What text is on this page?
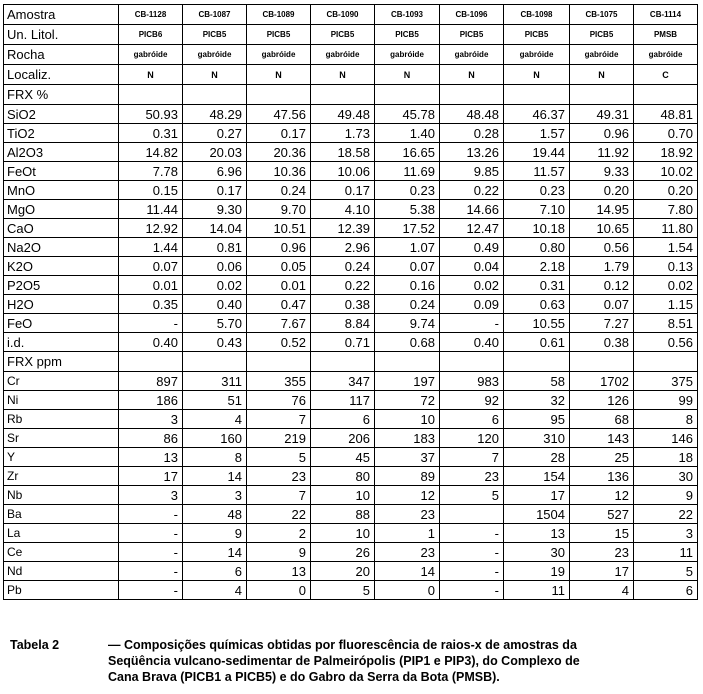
Amostra	CB-1128	CB-1087	CB-1089	CB-1090	CB-1093	CB-1096	CB-1098	CB-1075	CB-1114
Un. Litol.	PICB6	PICB5	PICB5	PICB5	PICB5	PICB5	PICB5	PICB5	PMSB
Rocha	gabróide	gabróide	gabróide	gabróide	gabróide	gabróide	gabróide	gabróide	gabróide
Localiz.	N	N	N	N	N	N	N	N	C
FRX %									
SiO2	50.93	48.29	47.56	49.48	45.78	48.48	46.37	49.31	48.81
TiO2	0.31	0.27	0.17	1.73	1.40	0.28	1.57	0.96	0.70
Al2O3	14.82	20.03	20.36	18.58	16.65	13.26	19.44	11.92	18.92
FeOt	7.78	6.96	10.36	10.06	11.69	9.85	11.57	9.33	10.02
MnO	0.15	0.17	0.24	0.17	0.23	0.22	0.23	0.20	0.20
MgO	11.44	9.30	9.70	4.10	5.38	14.66	7.10	14.95	7.80
CaO	12.92	14.04	10.51	12.39	17.52	12.47	10.18	10.65	11.80
Na2O	1.44	0.81	0.96	2.96	1.07	0.49	0.80	0.56	1.54
K2O	0.07	0.06	0.05	0.24	0.07	0.04	2.18	1.79	0.13
P2O5	0.01	0.02	0.01	0.22	0.16	0.02	0.31	0.12	0.02
H2O	0.35	0.40	0.47	0.38	0.24	0.09	0.63	0.07	1.15
FeO	-	5.70	7.67	8.84	9.74	-	10.55	7.27	8.51
i.d.	0.40	0.43	0.52	0.71	0.68	0.40	0.61	0.38	0.56
FRX ppm									
Cr	897	311	355	347	197	983	58	1702	375
Ni	186	51	76	117	72	92	32	126	99
Rb	3	4	7	6	10	6	95	68	8
Sr	86	160	219	206	183	120	310	143	146
Y	13	8	5	45	37	7	28	25	18
Zr	17	14	23	80	89	23	154	136	30
Nb	3	3	7	10	12	5	17	12	9
Ba	-	48	22	88	23		1504	527	22
La	-	9	2	10	1	-	13	15	3
Ce	-	14	9	26	23	-	30	23	11
Nd	-	6	13	20	14	-	19	17	5
Pb	-	4	0	5	0	-	11	4	6
Tabela 2	— Composições químicas obtidas por fluorescência de raios-x de amostras da
Seqüência vulcano-sedimentar de Palmeirópolis (PIP1 e PIP3), do Complexo de
Cana Brava (PICB1 a PICB5) e do Gabro da Serra da Bota (PMSB).
